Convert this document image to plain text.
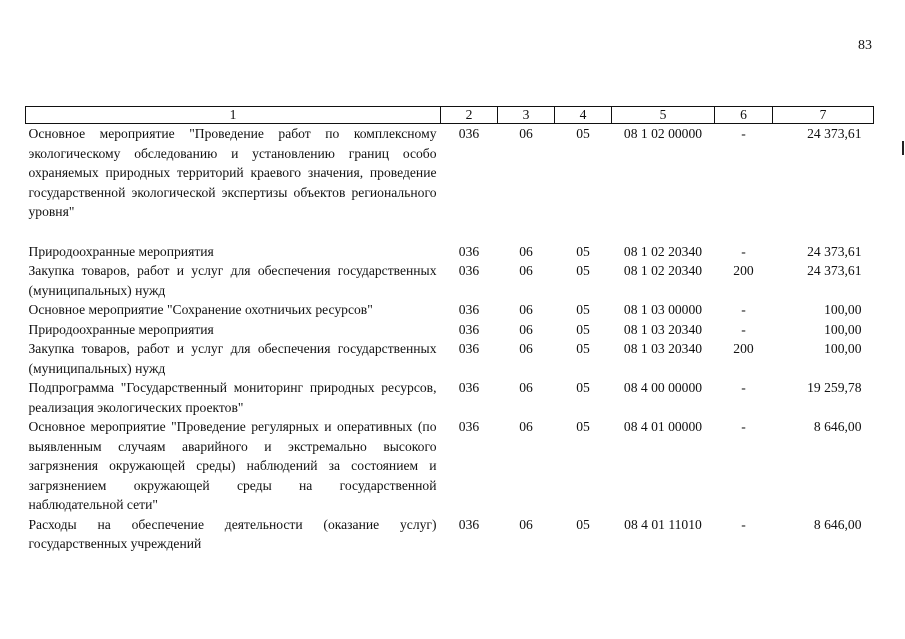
83
1	2	3	4	5	6	7
Основное мероприятие "Проведение работ по комплексному экологическому обследованию и установлению границ особо охраняемых природных территорий краевого значения, проведение государственной экологической экспертизы объектов регионального уровня"	036	06	05	08 1 02 00000	-	24 373,61

Природоохранные мероприятия	036	06	05	08 1 02 20340	-	24 373,61
Закупка товаров, работ и услуг для обеспечения государственных (муниципальных) нужд	036	06	05	08 1 02 20340	200	24 373,61
Основное мероприятие "Сохранение охотничьих ресурсов"	036	06	05	08 1 03 00000	-	100,00
Природоохранные мероприятия	036	06	05	08 1 03 20340	-	100,00
Закупка товаров, работ и услуг для обеспечения государственных (муниципальных) нужд	036	06	05	08 1 03 20340	200	100,00
Подпрограмма "Государственный мониторинг природных ресурсов, реализация экологических проектов"	036	06	05	08 4 00 00000	-	19 259,78
Основное мероприятие "Проведение регулярных и оперативных (по выявленным случаям аварийного и экстремально высокого загрязнения окружающей среды) наблюдений за состоянием и загрязнением окружающей среды на государственной наблюдательной сети"	036	06	05	08 4 01 00000	-	8 646,00
Расходы на обеспечение деятельности (оказание услуг) государственных учреждений	036	06	05	08 4 01 11010	-	8 646,00
